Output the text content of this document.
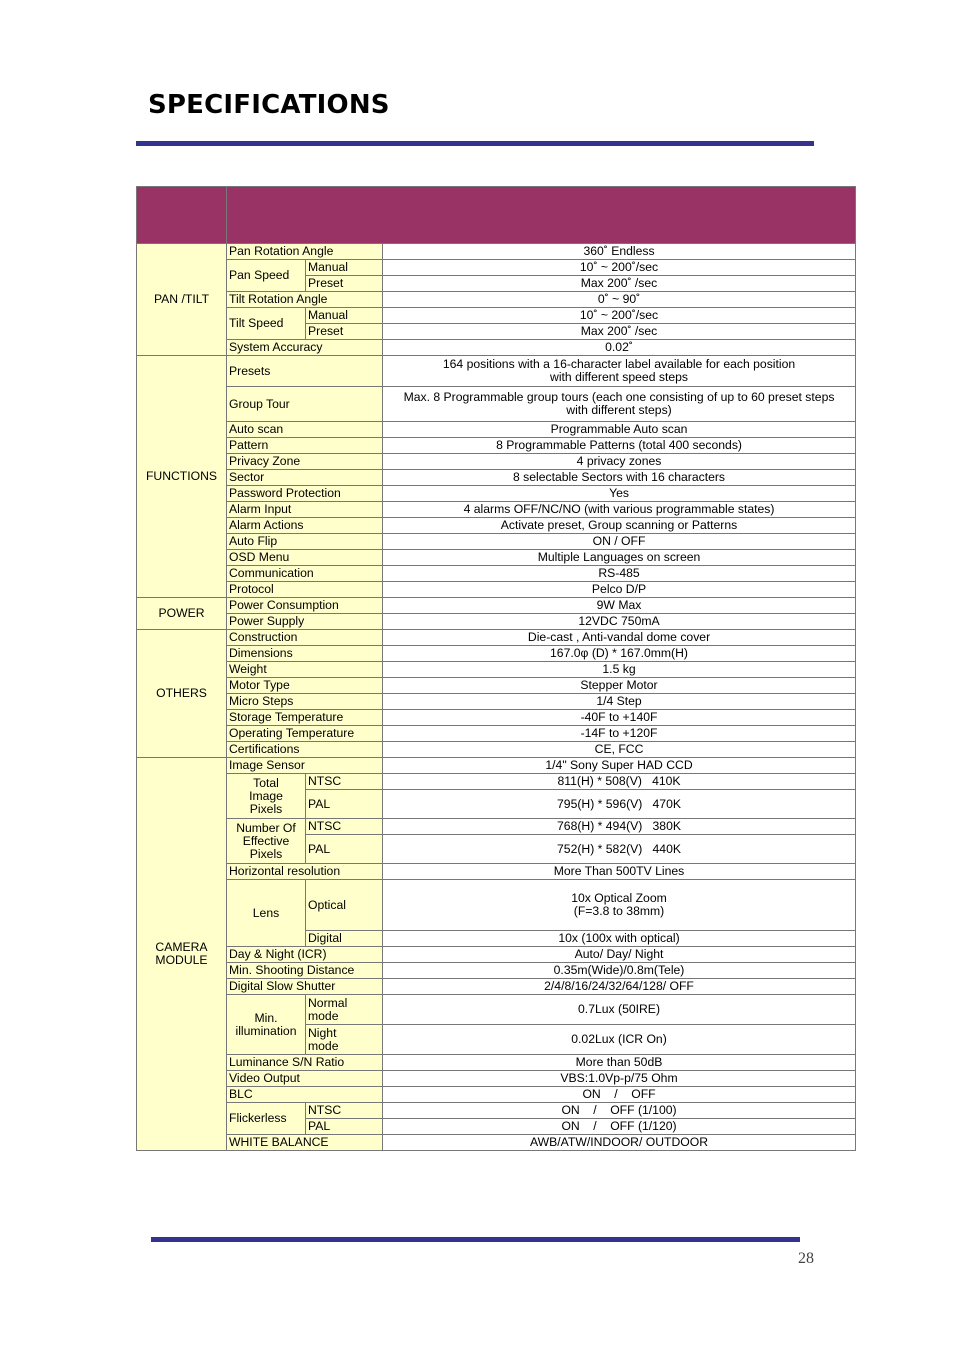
SPECIFICATIONS

PAN /TILT	Pan Rotation Angle		360˚ Endless
	Pan Speed	Manual	10˚ ~ 200˚/sec
		Preset	Max 200˚ /sec
	Tilt Rotation Angle		0˚ ~ 90˚
	Tilt Speed	Manual	10˚ ~ 200˚/sec
		Preset	Max 200˚ /sec
	System Accuracy		0.02˚
FUNCTIONS	Presets		164 positions with a 16-character label available for each position
with different speed steps
	Group Tour		Max. 8 Programmable group tours (each one consisting of up to 60 preset steps
with different steps)
	Auto scan		Programmable Auto scan
	Pattern		8 Programmable Patterns (total 400 seconds)
	Privacy Zone		4 privacy zones
	Sector		8 selectable Sectors with 16 characters
	Password Protection		Yes
	Alarm Input		4 alarms OFF/NC/NO (with various programmable states)
	Alarm Actions		Activate preset, Group scanning or Patterns
	Auto Flip		ON / OFF
	OSD Menu		Multiple Languages on screen
	Communication		RS-485
	Protocol		Pelco D/P
POWER	Power Consumption		9W Max
	Power Supply		12VDC 750mA
OTHERS	Construction		Die-cast , Anti-vandal dome cover
	Dimensions		167.0φ (D) * 167.0mm(H)
	Weight		1.5 kg
	Motor Type		Stepper Motor
	Micro Steps		1/4 Step
	Storage Temperature		-40F to +140F
	Operating Temperature		-14F to +120F
	Certifications		CE, FCC
CAMERA
MODULE	Image Sensor		1/4" Sony Super HAD CCD
	Total
Image
Pixels	NTSC	811(H) * 508(V)   410K
		PAL	795(H) * 596(V)   470K
	Number Of
Effective
Pixels	NTSC	768(H) * 494(V)   380K
		PAL	752(H) * 582(V)   440K
	Horizontal resolution		More Than 500TV Lines
	Lens	Optical	10x Optical Zoom
(F=3.8 to 38mm)
		Digital	10x (100x with optical)
	Day & Night (ICR)		Auto/ Day/ Night
	Min. Shooting Distance		0.35m(Wide)/0.8m(Tele)
	Digital Slow Shutter		2/4/8/16/24/32/64/128/ OFF
	Min.
illumination	Normal
mode	0.7Lux (50IRE)
		Night
mode	0.02Lux (ICR On)
	Luminance S/N Ratio		More than 50dB
	Video Output		VBS:1.0Vp-p/75 Ohm
	BLC		ON    /    OFF
	Flickerless	NTSC	ON    /    OFF (1/100)
		PAL	ON    /    OFF (1/120)
	WHITE BALANCE		AWB/ATW/INDOOR/ OUTDOOR
28
